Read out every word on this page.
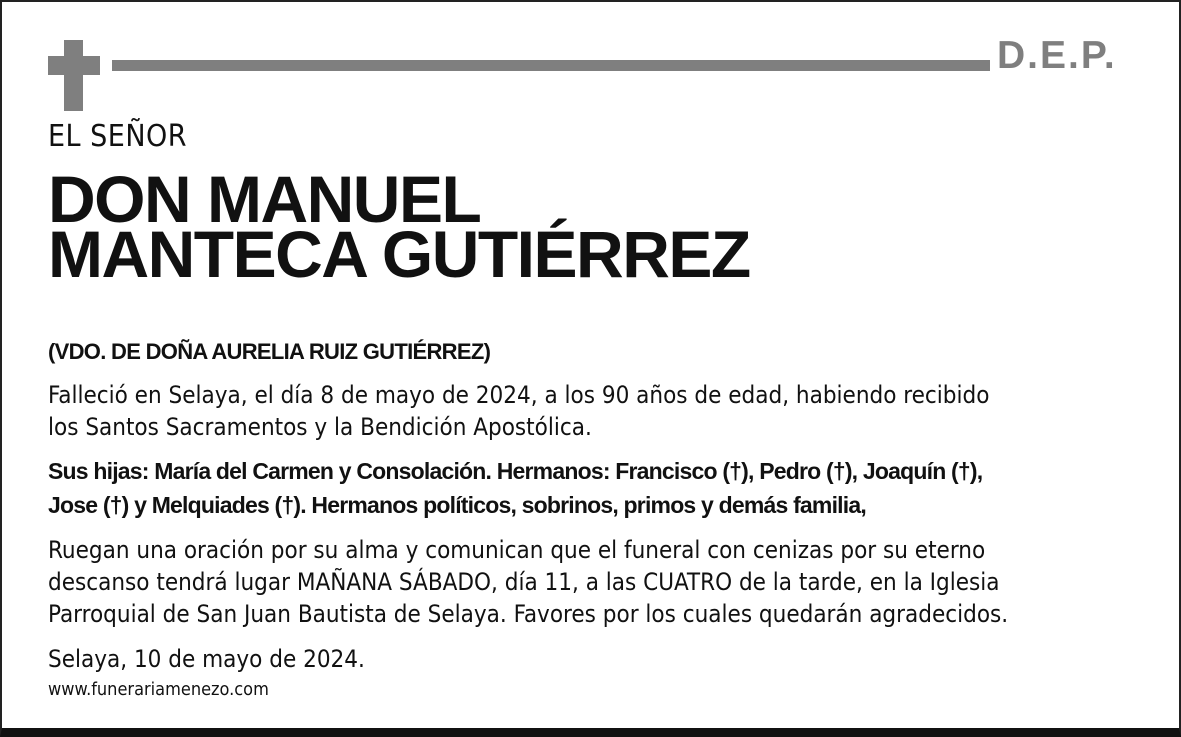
D.E.P.

EL SEÑOR

DON MANUEL
MANTECA GUTIÉRREZ

(VDO. DE DOÑA AURELIA RUIZ GUTIÉRREZ)

Falleció en Selaya, el día 8 de mayo de 2024, a los 90 años de edad, habiendo recibido
los Santos Sacramentos y la Bendición Apostólica.
Sus hijas: María del Carmen y Consolación. Hermanos: Francisco (†), Pedro (†), Joaquín (†),
Jose (†) y Melquiades (†). Hermanos políticos, sobrinos, primos y demás familia,
Ruegan una oración por su alma y comunican que el funeral con cenizas por su eterno
descanso tendrá lugar MAÑANA SÁBADO, día 11, a las CUATRO de la tarde, en la Iglesia
Parroquial de San Juan Bautista de Selaya. Favores por los cuales quedarán agradecidos.

Selaya, 10 de mayo de 2024.

www.funerariamenezo.com
